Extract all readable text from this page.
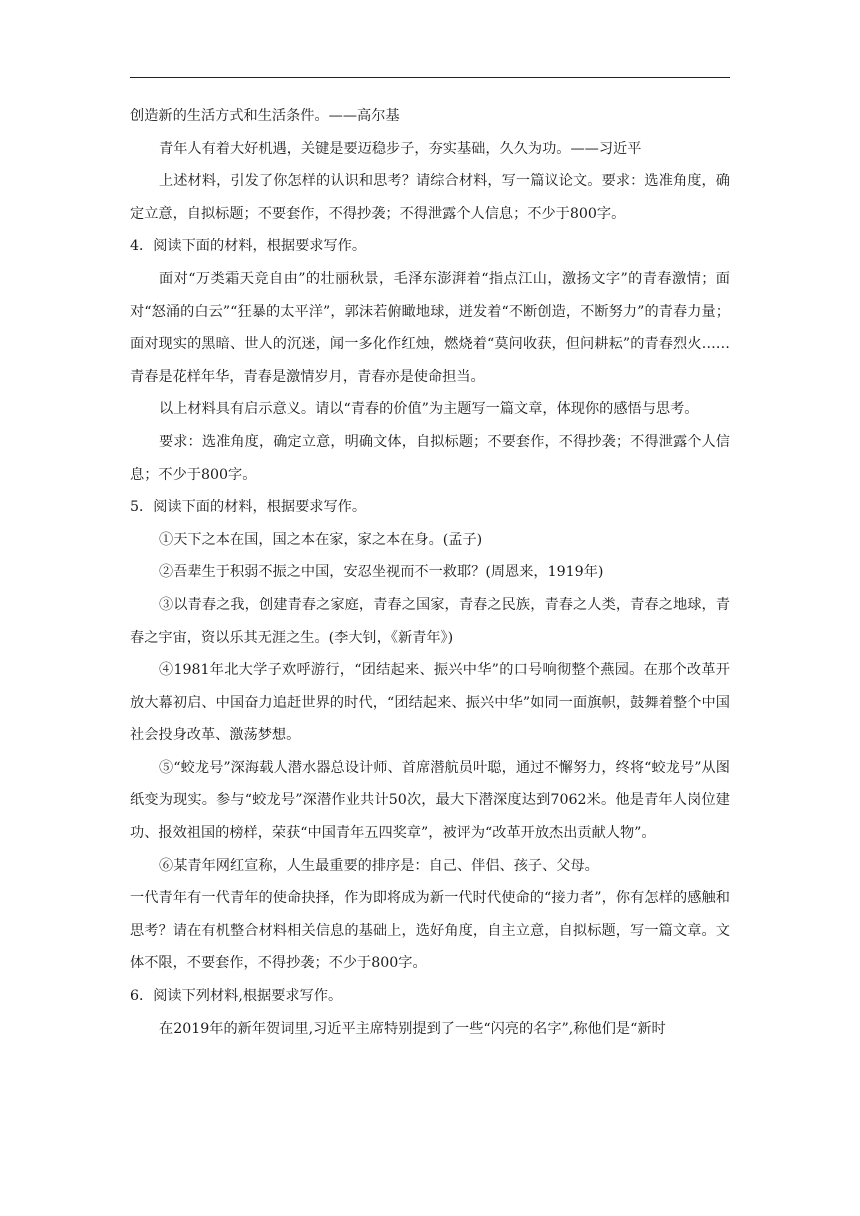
创造新的生活方式和生活条件。——高尔基

青年人有着大好机遇，关键是要迈稳步子，夯实基础，久久为功。——习近平

上述材料，引发了你怎样的认识和思考？请综合材料，写一篇议论文。要求：选准角度，确定立意，自拟标题；不要套作，不得抄袭；不得泄露个人信息；不少于800字。

4．阅读下面的材料，根据要求写作。

面对“万类霜天竞自由”的壮丽秋景，毛泽东澎湃着“指点江山，激扬文字”的青春激情；面对“怒涌的白云”“狂暴的太平洋”，郭沫若俯瞰地球，迸发着“不断创造，不断努力”的青春力量；面对现实的黑暗、世人的沉迷，闻一多化作红烛，燃烧着“莫问收获，但问耕耘”的青春烈火……青春是花样年华，青春是激情岁月，青春亦是使命担当。

以上材料具有启示意义。请以“青春的价值”为主题写一篇文章，体现你的感悟与思考。

要求：选准角度，确定立意，明确文体，自拟标题；不要套作，不得抄袭；不得泄露个人信息；不少于800字。

5．阅读下面的材料，根据要求写作。

①天下之本在国，国之本在家，家之本在身。(孟子)

②吾辈生于积弱不振之中国，安忍坐视而不一救耶？(周恩来，1919年)

③以青春之我，创建青春之家庭，青春之国家，青春之民族，青春之人类，青春之地球，青春之宇宙，资以乐其无涯之生。(李大钊，《新青年》)

④1981年北大学子欢呼游行，“团结起来、振兴中华”的口号响彻整个燕园。在那个改革开放大幕初启、中国奋力追赶世界的时代，“团结起来、振兴中华”如同一面旗帜，鼓舞着整个中国社会投身改革、激荡梦想。

⑤“蛟龙号”深海载人潜水器总设计师、首席潜航员叶聪，通过不懈努力，终将“蛟龙号”从图纸变为现实。参与“蛟龙号”深潜作业共计50次，最大下潜深度达到7062米。他是青年人岗位建功、报效祖国的榜样，荣获“中国青年五四奖章”，被评为“改革开放杰出贡献人物”。

⑥某青年网红宣称，人生最重要的排序是：自己、伴侣、孩子、父母。

一代青年有一代青年的使命抉择，作为即将成为新一代时代使命的“接力者”，你有怎样的感触和思考？请在有机整合材料相关信息的基础上，选好角度，自主立意，自拟标题，写一篇文章。文体不限，不要套作，不得抄袭；不少于800字。

6．阅读下列材料,根据要求写作。

在2019年的新年贺词里,习近平主席特别提到了一些“闪亮的名字”,称他们是“新时
